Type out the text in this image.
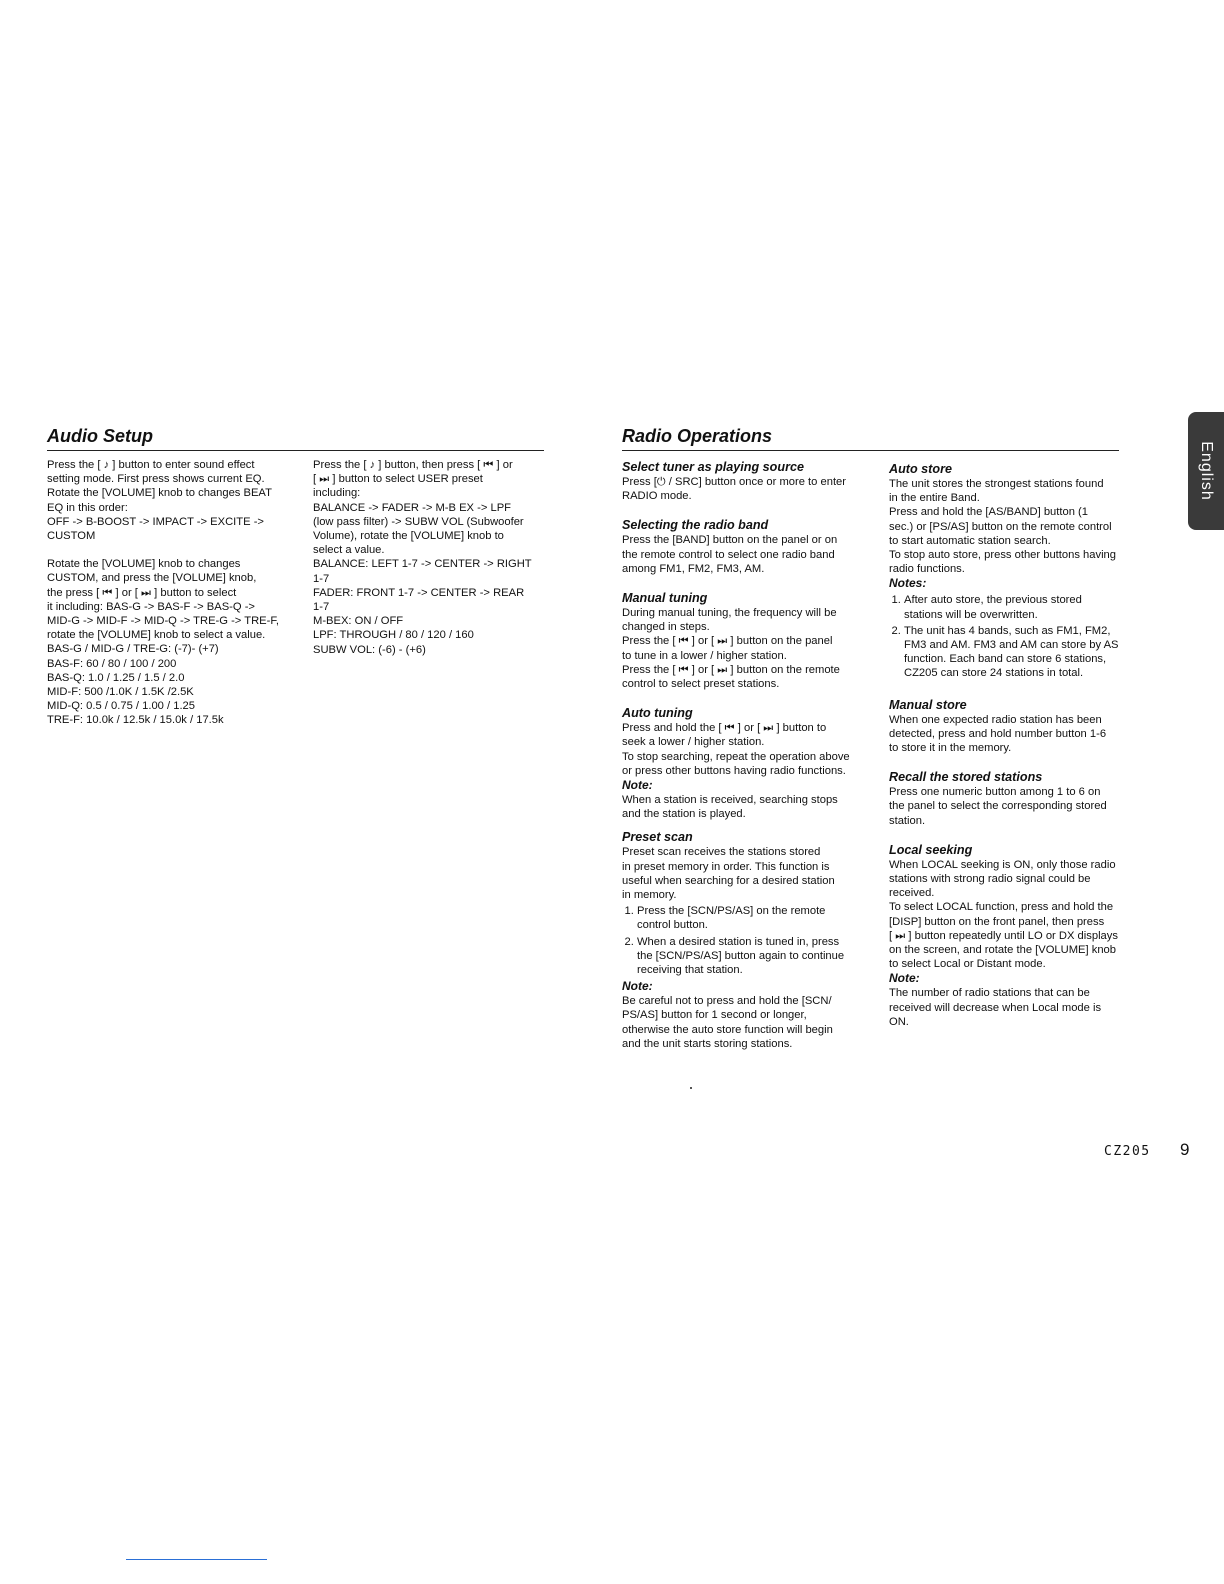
Audio Setup
Press the [ ♪ ] button to enter sound effect
setting mode. First press shows current EQ.
Rotate the [VOLUME] knob to changes BEAT
EQ in this order:
OFF -> B-BOOST -> IMPACT -> EXCITE ->
CUSTOM
Rotate the [VOLUME] knob to changes
CUSTOM, and press the [VOLUME] knob,
the press [ ⏮ ] or [ ⏭ ] button to select
it including: BAS-G -> BAS-F -> BAS-Q ->
MID-G -> MID-F -> MID-Q -> TRE-G -> TRE-F,
rotate the [VOLUME] knob to select a value.
BAS-G / MID-G / TRE-G: (-7)- (+7)
BAS-F: 60 / 80 / 100 / 200
BAS-Q: 1.0 / 1.25 / 1.5 / 2.0
MID-F: 500 /1.0K / 1.5K /2.5K
MID-Q: 0.5 / 0.75 / 1.00 / 1.25
TRE-F: 10.0k / 12.5k / 15.0k / 17.5k
Press the [ ♪ ] button, then press [ ⏮ ] or
[ ⏭ ] button to select USER preset
including:
BALANCE -> FADER -> M-B EX -> LPF
(low pass filter) -> SUBW VOL (Subwoofer
Volume), rotate the [VOLUME] knob to
select a value.
BALANCE: LEFT 1-7 -> CENTER -> RIGHT
1-7
FADER: FRONT 1-7 -> CENTER -> REAR
1-7
M-BEX: ON / OFF
LPF: THROUGH / 80 / 120 / 160
SUBW VOL: (-6) - (+6)
Radio Operations

Select tuner as playing source

Press [⏻ / SRC] button once or more to enter
RADIO mode.

Selecting the radio band

Press the [BAND] button on the panel or on
the remote control to select one radio band
among FM1, FM2, FM3, AM.

Manual tuning

During manual tuning, the frequency will be
changed in steps.
Press the [ ⏮ ] or [ ⏭ ] button on the panel
to tune in a lower / higher station.
Press the [ ⏮ ] or [ ⏭ ] button on the remote
control to select preset stations.

Auto tuning

Press and hold the [ ⏮ ] or [ ⏭ ] button to
seek a lower / higher station.
To stop searching, repeat the operation above
or press other buttons having radio functions.

Note:

When a station is received, searching stops
and the station is played.

Preset scan

Preset scan receives the stations stored
in preset memory in order. This function is
useful when searching for a desired station
in memory.
1. Press the [SCN/PS/AS] on the remote control button.
2. When a desired station is tuned in, press the [SCN/PS/AS] button again to continue receiving that station.

Note:

Be careful not to press and hold the [SCN/
PS/AS] button for 1 second or longer,
otherwise the auto store function will begin
and the unit starts storing stations.

Auto store

The unit stores the strongest stations found
in the entire Band.
Press and hold the [AS/BAND] button (1
sec.) or [PS/AS] button on the remote control
to start automatic station search.
To stop auto store, press other buttons having
radio functions.

Notes:

1. After auto store, the previous stored stations will be overwritten.
2. The unit has 4 bands, such as FM1, FM2, FM3 and AM. FM3 and AM can store by AS function. Each band can store 6 stations, CZ205 can store 24 stations in total.

Manual store

When one expected radio station has been
detected, press and hold number button 1-6
to store it in the memory.

Recall the stored stations

Press one numeric button among 1 to 6 on
the panel to select the corresponding stored
station.

Local seeking

When LOCAL seeking is ON, only those radio
stations with strong radio signal could be received.
To select LOCAL function, press and hold the
[DISP] button on the front panel, then press
[ ⏭ ] button repeatedly until LO or DX displays
on the screen, and rotate the [VOLUME] knob
to select Local or Distant mode.

Note:

The number of radio stations that can be
received will decrease when Local mode is
ON.
English
CZ205 9
